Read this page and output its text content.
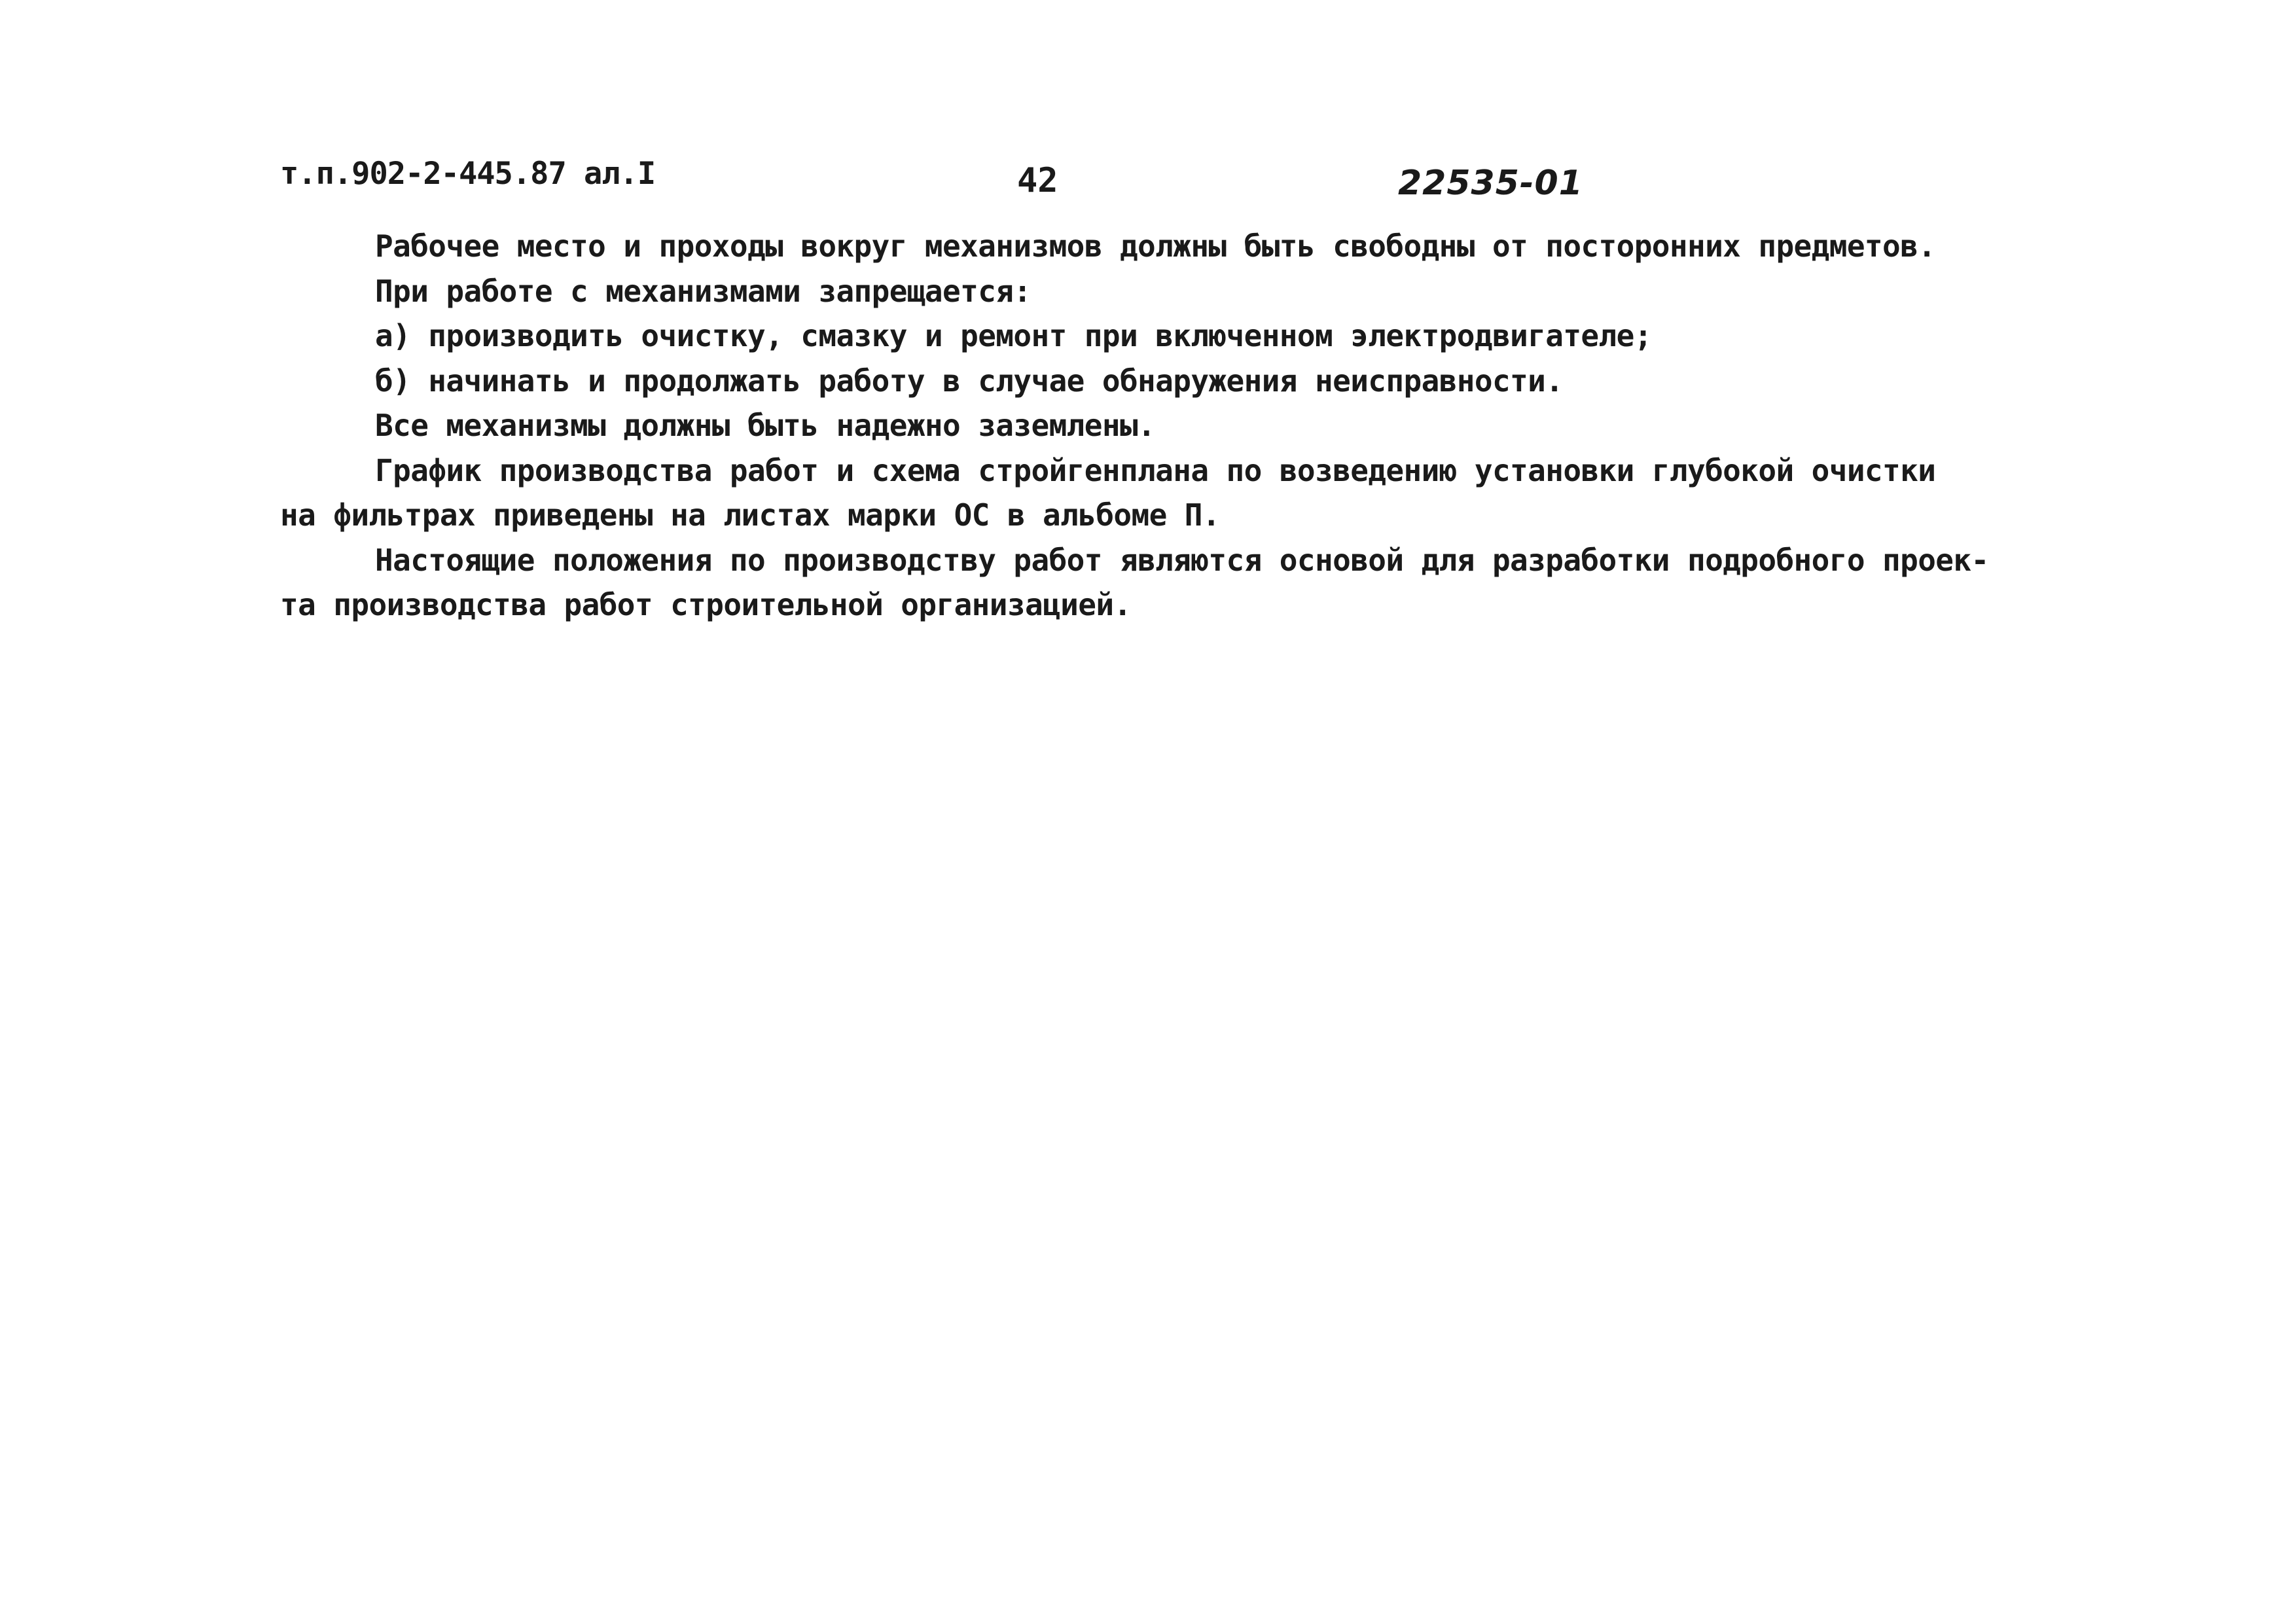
т.п.902-2-445.87 ал.I	42	22535-01
Рабочее место и проходы вокруг механизмов должны быть свободны от посторонних предметов.
При работе с механизмами запрещается:
а) производить очистку, смазку и ремонт при включенном электродвигателе;
б) начинать и продолжать работу в случае обнаружения неисправности.
Все механизмы должны быть надежно заземлены.
График производства работ и схема стройгенплана по возведению установки глубокой очистки
на фильтрах приведены на листах марки ОС в альбоме П.
Настоящие положения по производству работ являются основой для разработки подробного проек-
та производства работ строительной организацией.
